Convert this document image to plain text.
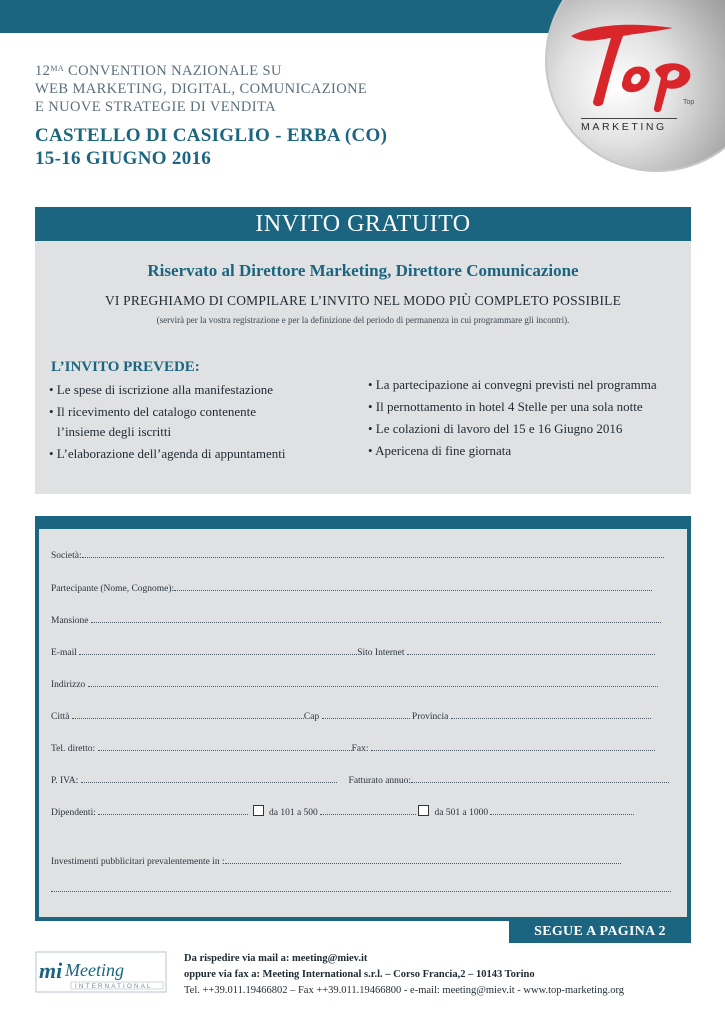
Top
MARKETING
$12^{MA}$ CONVENTION NAZIONALE SU
WEB MARKETING, DIGITAL, COMUNICAZIONE
E NUOVE STRATEGIE DI VENDITA
CASTELLO DI CASIGLIO - ERBA (CO)
15-16 GIUGNO 2016
INVITO GRATUITO
Riservato al Direttore Marketing, Direttore Comunicazione
VI PREGHIAMO DI COMPILARE L’INVITO NEL MODO PIÙ COMPLETO POSSIBILE
(servirà per la vostra registrazione e per la definizione del periodo di permanenza in cui programmare gli incontri).
L’INVITO PREVEDE:
• Le spese di iscrizione alla manifestazione
• Il ricevimento del catalogo contenente
l’insieme degli iscritti
• L’elaborazione dell’agenda di appuntamenti
• La partecipazione ai convegni previsti nel programma
• Il pernottamento in hotel 4 Stelle per una sola notte
• Le colazioni di lavoro del 15 e 16 Giugno 2016
• Apericena di fine giornata
Società:
Partecipante (Nome, Cognome):
Mansione
E-mail	Sito Internet
Indirizzo
Città	Cap	Provincia
Tel. diretto:	Fax:
P. IVA:	Fatturato annuo:
Dipendenti:	da 101 a 500	da 501 a 1000
Investimenti pubblicitari prevalentemente in :
SEGUE A PAGINA 2
mi Meeting
INTERNATIONAL
Da rispedire via mail a: meeting@miev.it
oppure via fax a: Meeting International s.r.l. – Corso Francia,2 – 10143 Torino
Tel. ++39.011.19466802 – Fax ++39.011.19466800 - e-mail: meeting@miev.it - www.top-marketing.org
